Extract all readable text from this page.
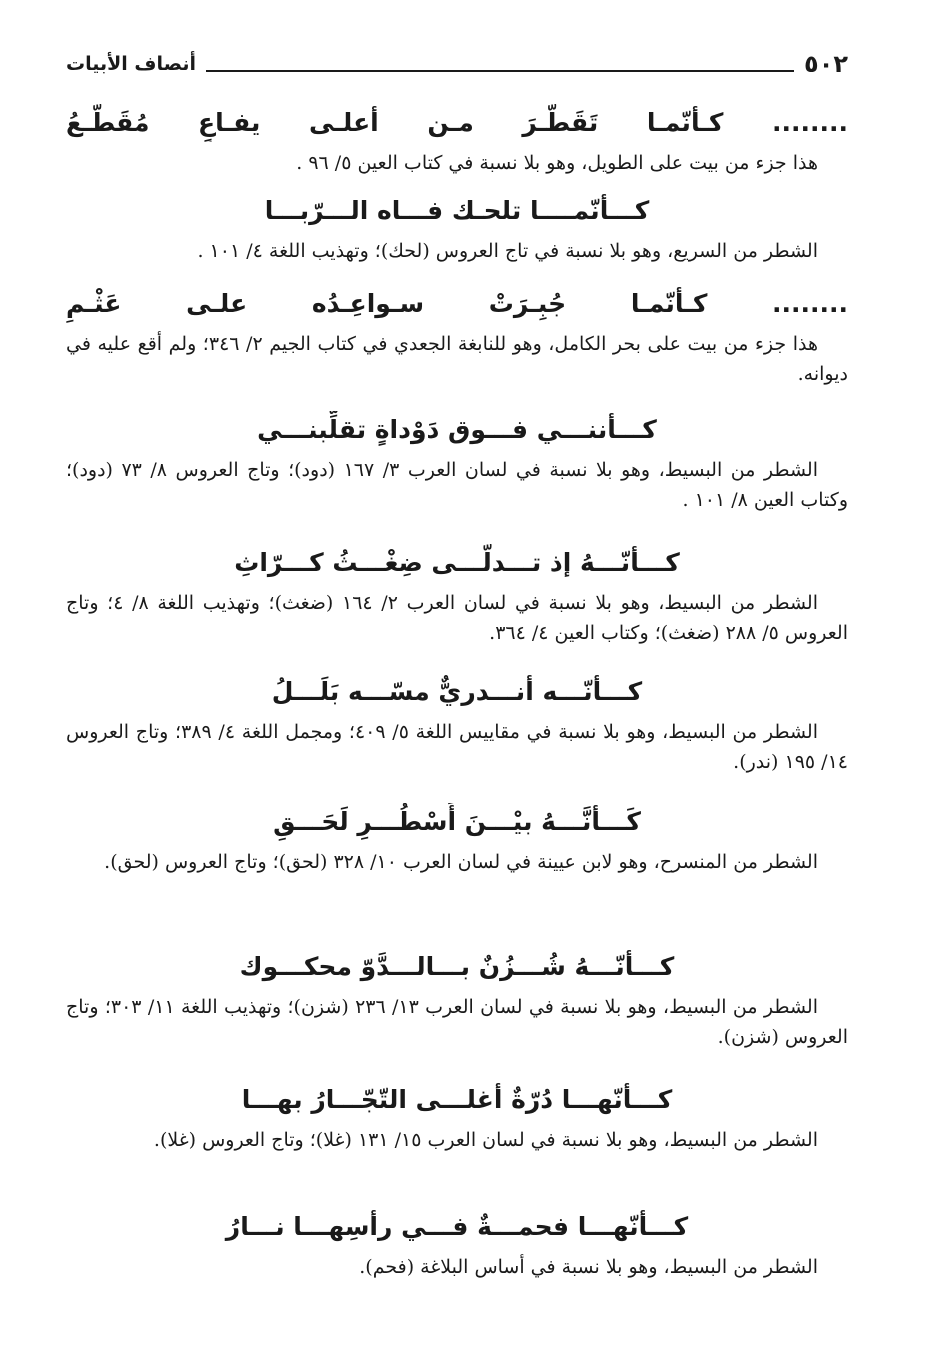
٥٠٢
أنصاف الأبيات
........ كـأنّمـا تَقَطّـرَ مـن أعلـى يفـاعٍ مُقَطَّـعُ
هذا جزء من بيت على الطويل، وهو بلا نسبة في كتاب العين ٥/ ٩٦ .
كـــأنّمــــا تلحـك فـــاه الـــرّبـــا
الشطر من السريع، وهو بلا نسبة في تاج العروس (لحك)؛ وتهذيب اللغة ٤/ ١٠١ .
........ كـأنّمـا جُبِـرَتْ سـواعِـدُه علـى عَثْـمِ
هذا جزء من بيت على بحر الكامل، وهو للنابغة الجعدي في كتاب الجيم ٢/ ٣٤٦؛ ولم أقع عليه في ديوانه.
كـــأننـــي فـــوق دَوْداةٍ تقلِّبنـــي
الشطر من البسيط، وهو بلا نسبة في لسان العرب ٣/ ١٦٧ (دود)؛ وتاج العروس ٨/ ٧٣ (دود)؛ وكتاب العين ٨/ ١٠١ .
كـــأنّـــهُ إذ تـــدلّـــى ضِغْـــثُ كـــرّاثِ
الشطر من البسيط، وهو بلا نسبة في لسان العرب ٢/ ١٦٤ (ضغث)؛ وتهذيب اللغة ٨/ ٤؛ وتاج العروس ٥/ ٢٨٨ (ضغث)؛ وكتاب العين ٤/ ٣٦٤.
كـــأنّـــه أنـــدريٌّ مسّـــه بَلَـــلُ
الشطر من البسيط، وهو بلا نسبة في مقاييس اللغة ٥/ ٤٠٩؛ ومجمل اللغة ٤/ ٣٨٩؛ وتاج العروس ١٤/ ١٩٥ (ندر).
كَـــأنَّـــهُ بيْـــنَ أَسْطُـــرِ لَحَـــقِ
الشطر من المنسرح، وهو لابن عيينة في لسان العرب ١٠/ ٣٢٨ (لحق)؛ وتاج العروس (لحق).
كـــأنّـــهُ شُـــزُنٌ بـــالـــدَّوّ محكـــوك
الشطر من البسيط، وهو بلا نسبة في لسان العرب ١٣/ ٢٣٦ (شزن)؛ وتهذيب اللغة ١١/ ٣٠٣؛ وتاج العروس (شزن).
كـــأنّهـــا دُرّةٌ أغلـــى التّجّـــارُ بهـــا
الشطر من البسيط، وهو بلا نسبة في لسان العرب ١٥/ ١٣١ (غلا)؛ وتاج العروس (غلا).
كـــأنّهـــا فحمـــةٌ فـــي رأسِهـــا نـــارُ
الشطر من البسيط، وهو بلا نسبة في أساس البلاغة (فحم).
